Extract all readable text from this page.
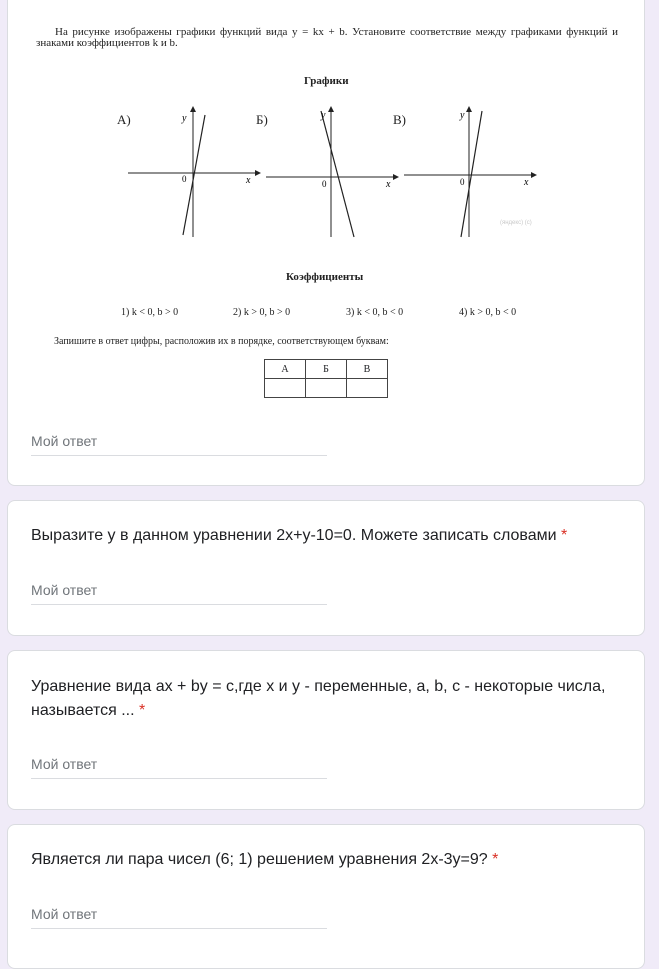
На рисунке изображены графики функций вида y = kx + b. Установите соответствие между графиками функций и знаками коэффициентов k и b.
Графики
А)	Б)	В)
y
x
0
y
x
0
y
x
0
(яндекс) (c)
Коэффициенты
1) k < 0, b > 0	2) k > 0, b > 0	3) k < 0, b < 0	4) k > 0, b < 0
Запишите в ответ цифры, расположив их в порядке, соответствующем буквам:
А	Б	В

Мой ответ
Выразите y в данном уравнении 2x+y-10=0. Можете записать словами *
Мой ответ
Уравнение вида ax + by = c,где x и y - переменные, a, b, c - некоторые числа, называется ... *
Мой ответ
Является ли пара чисел (6; 1) решением уравнения 2x-3y=9? *
Мой ответ
